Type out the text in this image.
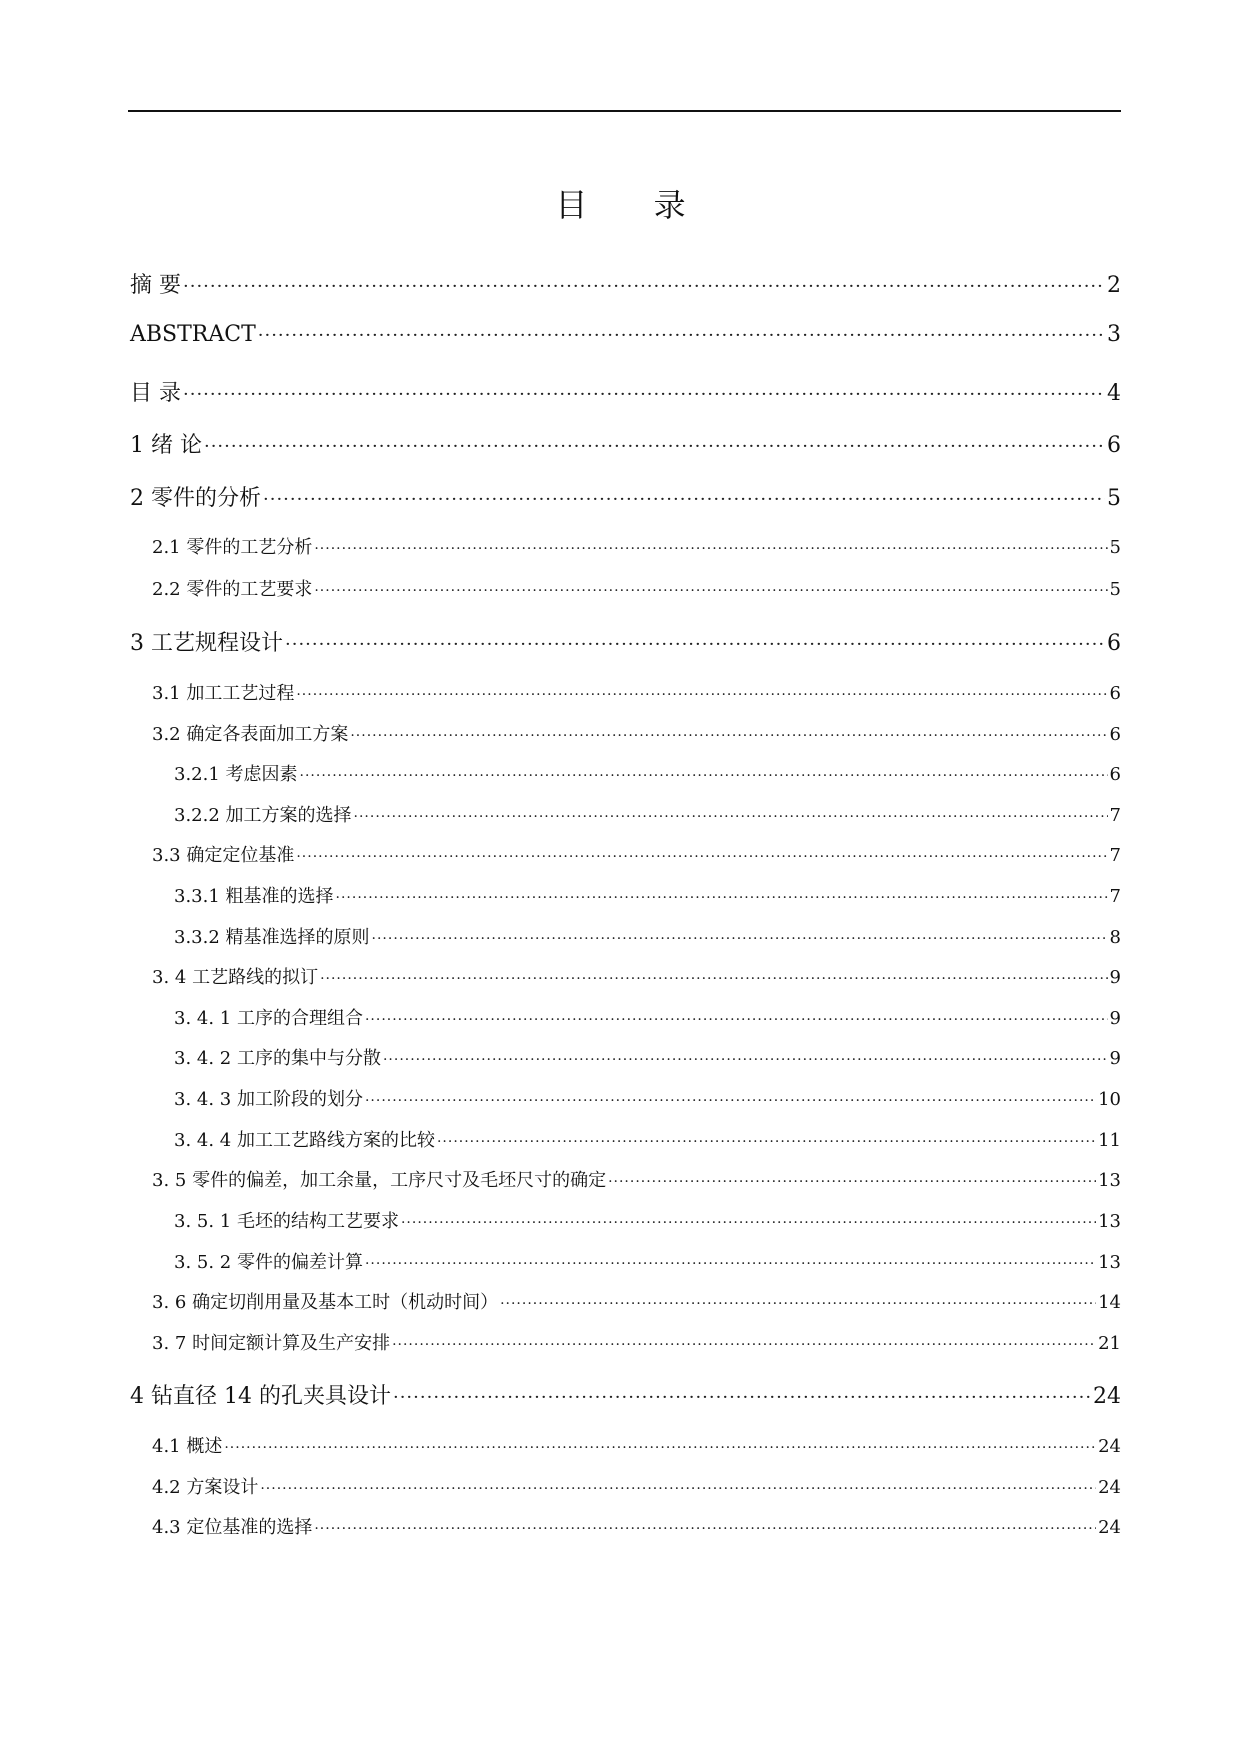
目 录
摘 要 ·····	2
ABSTRACT ·····	3
目 录 ·····	4
1 绪 论 ·····	6
2 零件的分析 ·····	5
2.1 零件的工艺分析 ·····	5
2.2 零件的工艺要求 ·····	5
3 工艺规程设计 ·····	6
3.1 加工工艺过程 ·····	6
3.2 确定各表面加工方案 ·····	6
3.2.1 考虑因素 ·····	6
3.2.2 加工方案的选择 ·····	7
3.3 确定定位基准 ·····	7
3.3.1 粗基准的选择 ·····	7
3.3.2 精基准选择的原则 ·····	8
3. 4 工艺路线的拟订 ·····	9
3. 4. 1 工序的合理组合 ·····	9
3. 4. 2 工序的集中与分散 ·····	9
3. 4. 3 加工阶段的划分 ·····	10
3. 4. 4 加工工艺路线方案的比较 ·····	11
3. 5 零件的偏差，加工余量，工序尺寸及毛坯尺寸的确定 ·····	13
3. 5. 1 毛坯的结构工艺要求 ·····	13
3. 5. 2 零件的偏差计算 ·····	13
3. 6 确定切削用量及基本工时（机动时间） ·····	14
3. 7 时间定额计算及生产安排 ·····	21
4 钻直径 14 的孔夹具设计 ·····	24
4.1 概述 ·····	24
4.2 方案设计 ·····	24
4.3 定位基准的选择 ·····	24
